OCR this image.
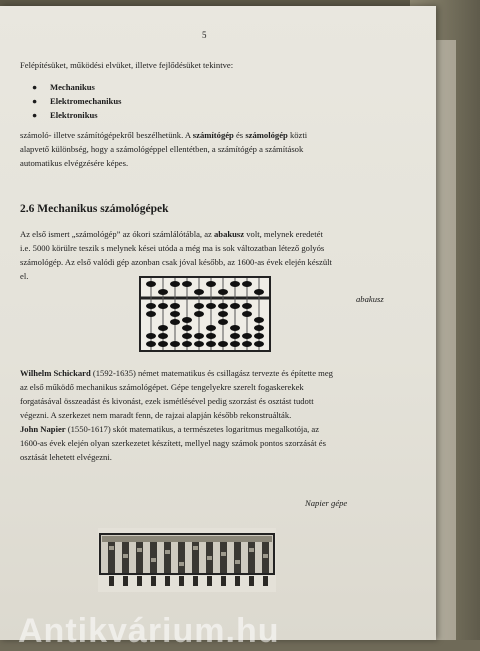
5
Felépítésüket, működési elvüket, illetve fejlődésüket tekintve:
● Mechanikus
● Elektromechanikus
● Elektronikus
számoló- illetve számítógépekről beszélhetünk. A számítógép és számológép közti
alapvető különbség, hogy a számológéppel ellentétben, a számítógép a számítások
automatikus elvégzésére képes.
2.6 Mechanikus számológépek
Az első ismert „számológép” az ókori számlálótábla, az abakusz volt, melynek eredetét
i.e. 5000 körülre teszik s melynek kései utóda a még ma is sok változatban létező golyós
számológép. Az első valódi gép azonban csak jóval később, az 1600-as évek elején készült
el.
abakusz
Wilhelm Schickard (1592-1635) német matematikus és csillagász tervezte és építette meg
az első működő mechanikus számológépet. Gépe tengelyekre szerelt fogaskerekek
forgatásával összeadást és kivonást, ezek ismétlésével pedig szorzást és osztást tudott
végezni. A szerkezet nem maradt fenn, de rajzai alapján később rekonstruálták.
John Napier (1550-1617) skót matematikus, a természetes logaritmus megalkotója, az
1600-as évek elején olyan szerkezetet készített, mellyel nagy számok pontos szorzását és
osztását lehetett elvégezni.
Napier gépe
Antikvárium.hu
